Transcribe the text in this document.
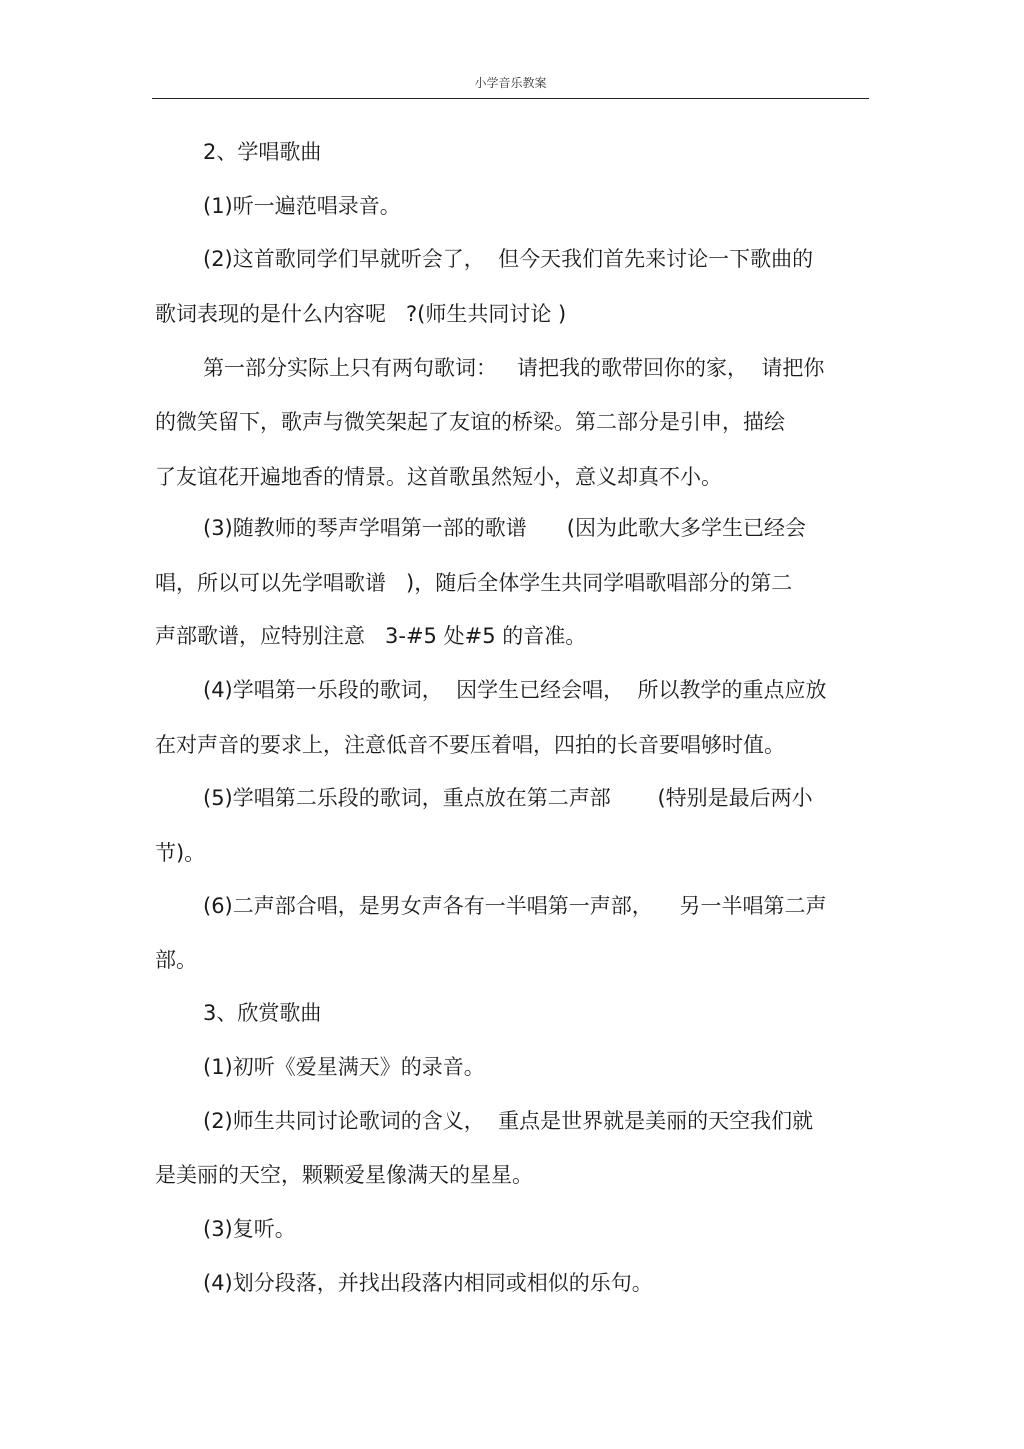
小学音乐教案
2、学唱歌曲
(1)听一遍范唱录音。
(2)这首歌同学们早就听会了，  但今天我们首先来讨论一下歌曲的
歌词表现的是什么内容呢   ?(师生共同讨论 )
第一部分实际上只有两句歌词：   请把我的歌带回你的家，  请把你
的微笑留下，歌声与微笑架起了友谊的桥梁。第二部分是引申，描绘
了友谊花开遍地香的情景。这首歌虽然短小，意义却真不小。
(3)随教师的琴声学唱第一部的歌谱      (因为此歌大多学生已经会
唱，所以可以先学唱歌谱   )，随后全体学生共同学唱歌唱部分的第二
声部歌谱，应特别注意   3-#5 处#5 的音准。
(4)学唱第一乐段的歌词，  因学生已经会唱，  所以教学的重点应放
在对声音的要求上，注意低音不要压着唱，四拍的长音要唱够时值。
(5)学唱第二乐段的歌词，重点放在第二声部       (特别是最后两小
节)。
(6)二声部合唱，是男女声各有一半唱第一声部，    另一半唱第二声
部。
3、欣赏歌曲
(1)初听《爱星满天》的录音。
(2)师生共同讨论歌词的含义，  重点是世界就是美丽的天空我们就
是美丽的天空，颗颗爱星像满天的星星。
(3)复听。
(4)划分段落，并找出段落内相同或相似的乐句。
